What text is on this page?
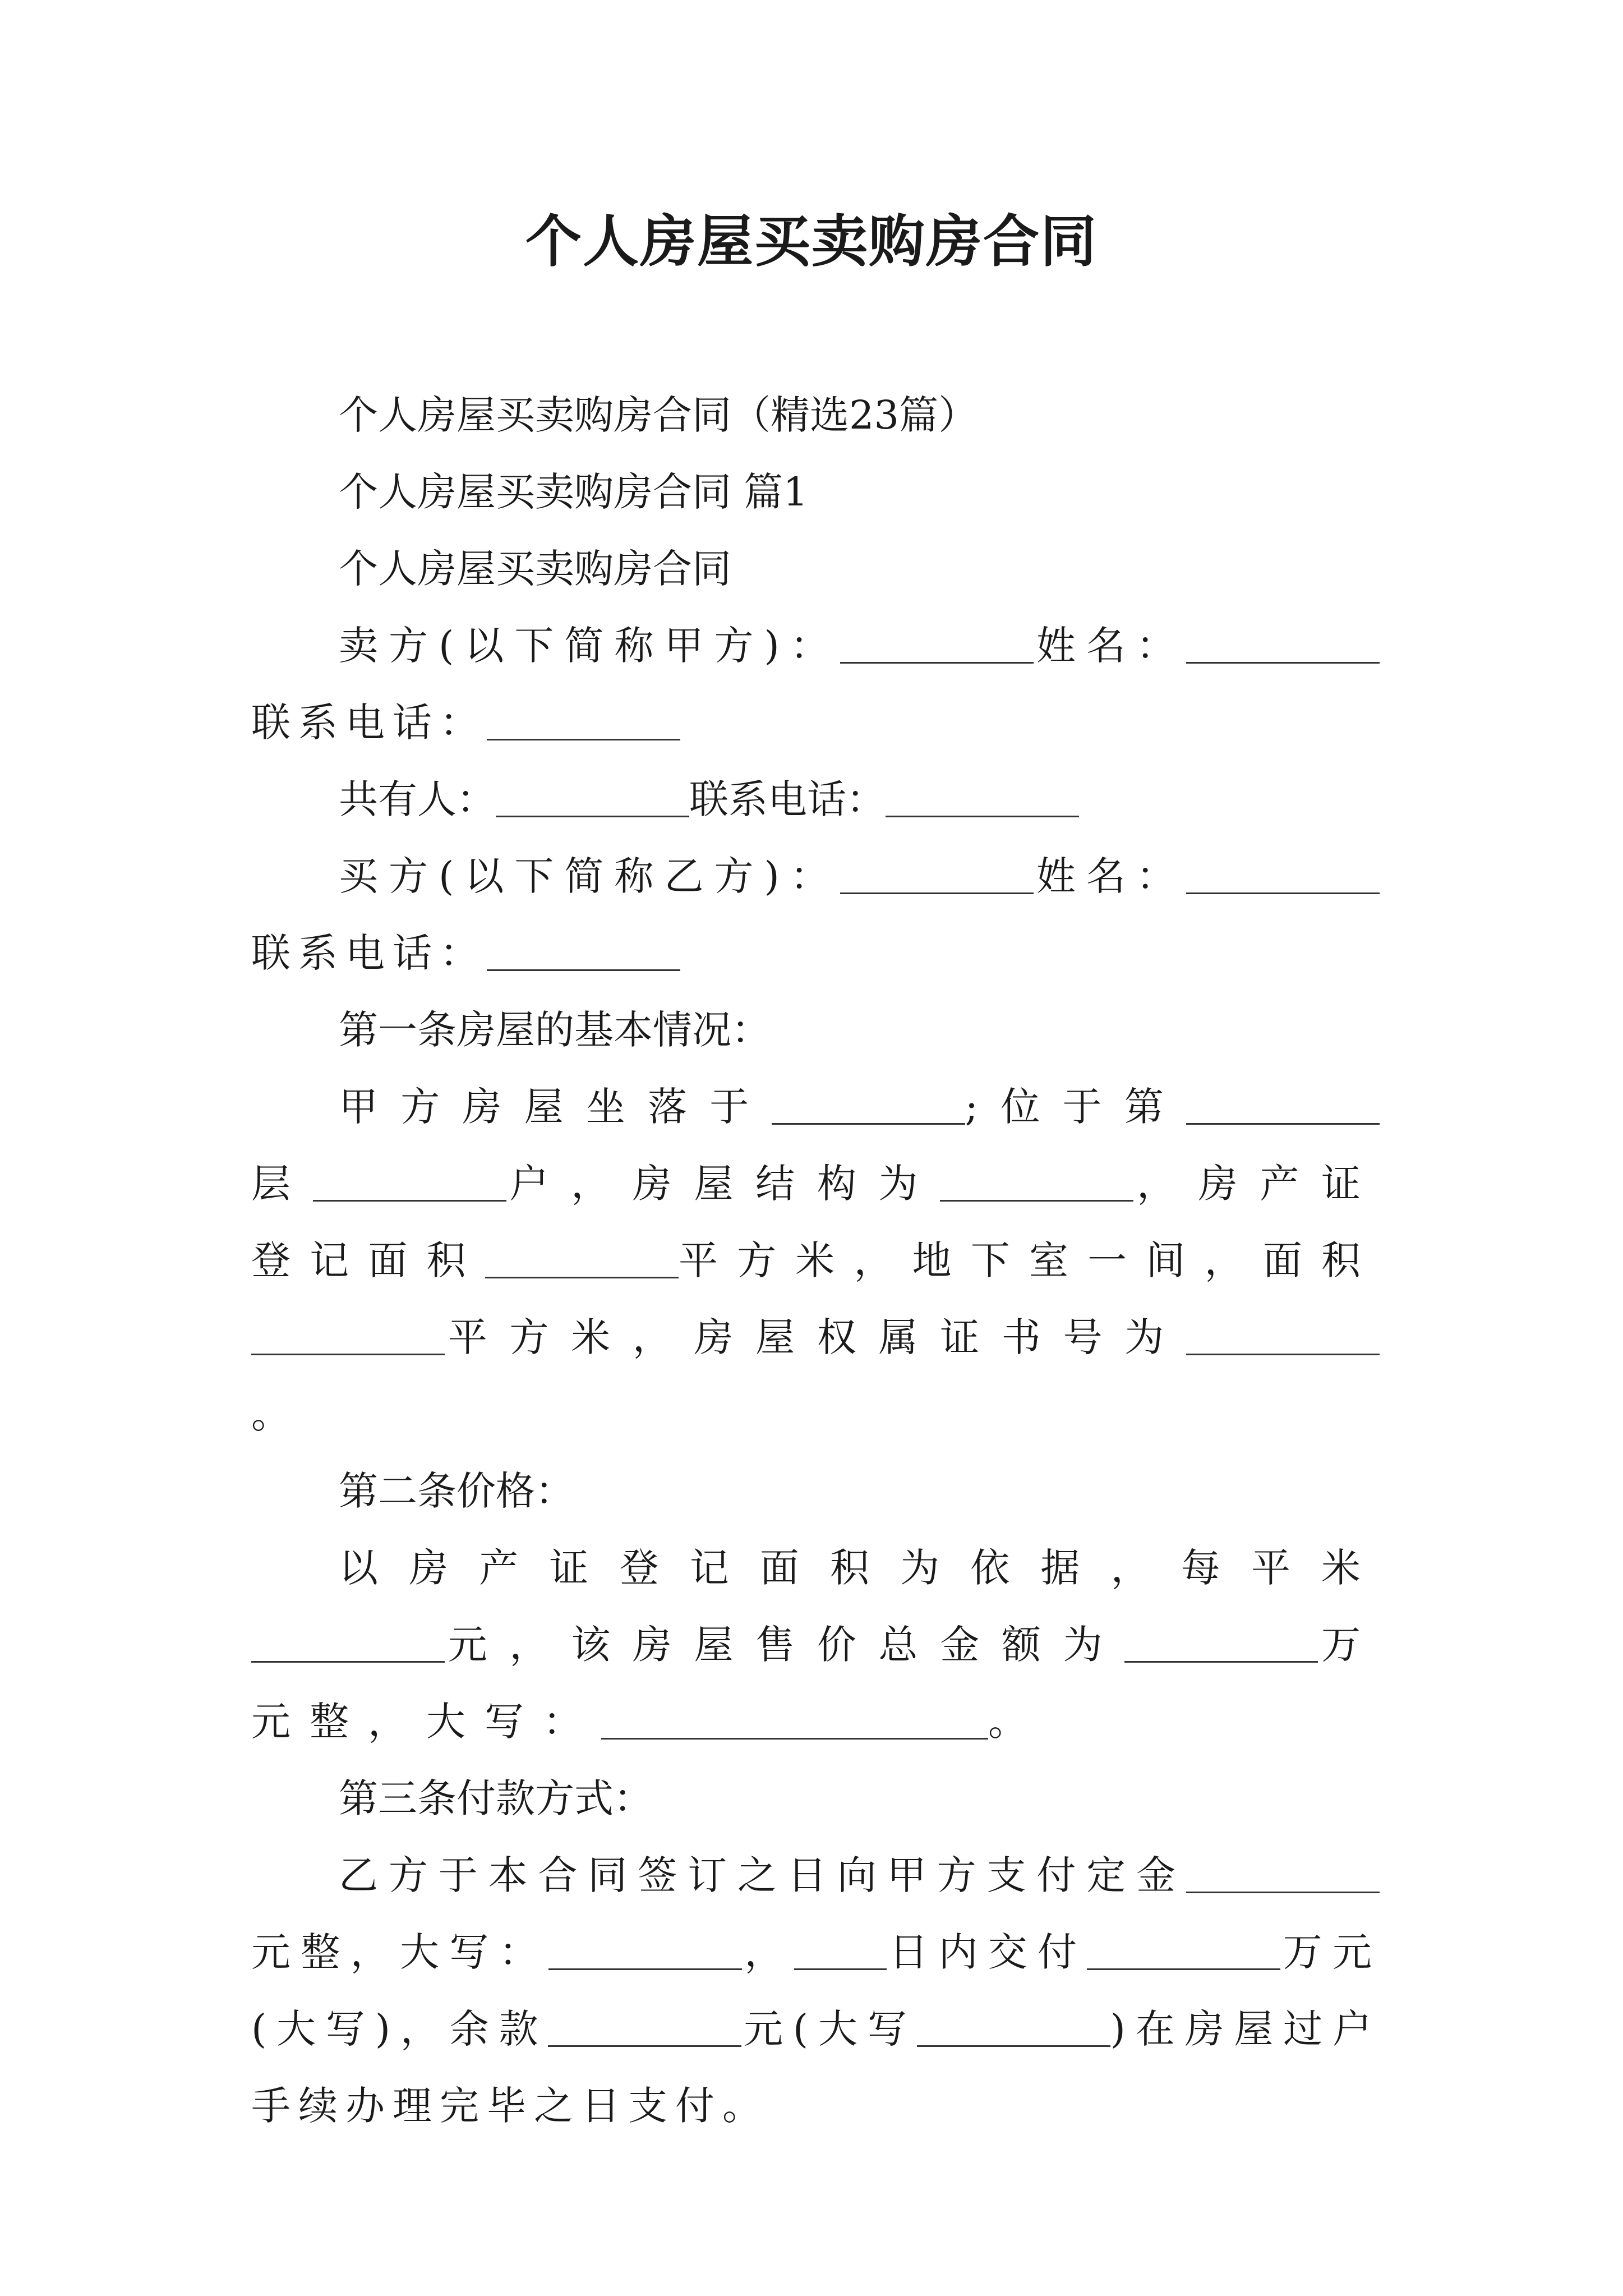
个人房屋买卖购房合同

个人房屋买卖购房合同（精选23篇）

个人房屋买卖购房合同 篇1

个人房屋买卖购房合同

卖方(以下简称甲方)：	姓名：联系电话：

共有人：	联系电话：

买方(以下简称乙方)：	姓名：联系电话：

第一条房屋的基本情况：

甲方房屋坐落于	;位于第层	户，房屋结构为	，房产证登记面积	平方米，地下室一间，面积平方米，房屋权属证书号为。

第二条价格：

以房产证登记面积为依据，每平米元，该房屋售价总金额为	万元整，大写：	。

第三条付款方式：

乙方于本合同签订之日向甲方支付定金元整，大写：	， 日内交付	万元(大写)，余款	元(大写	)在房屋过户手续办理完毕之日支付。
